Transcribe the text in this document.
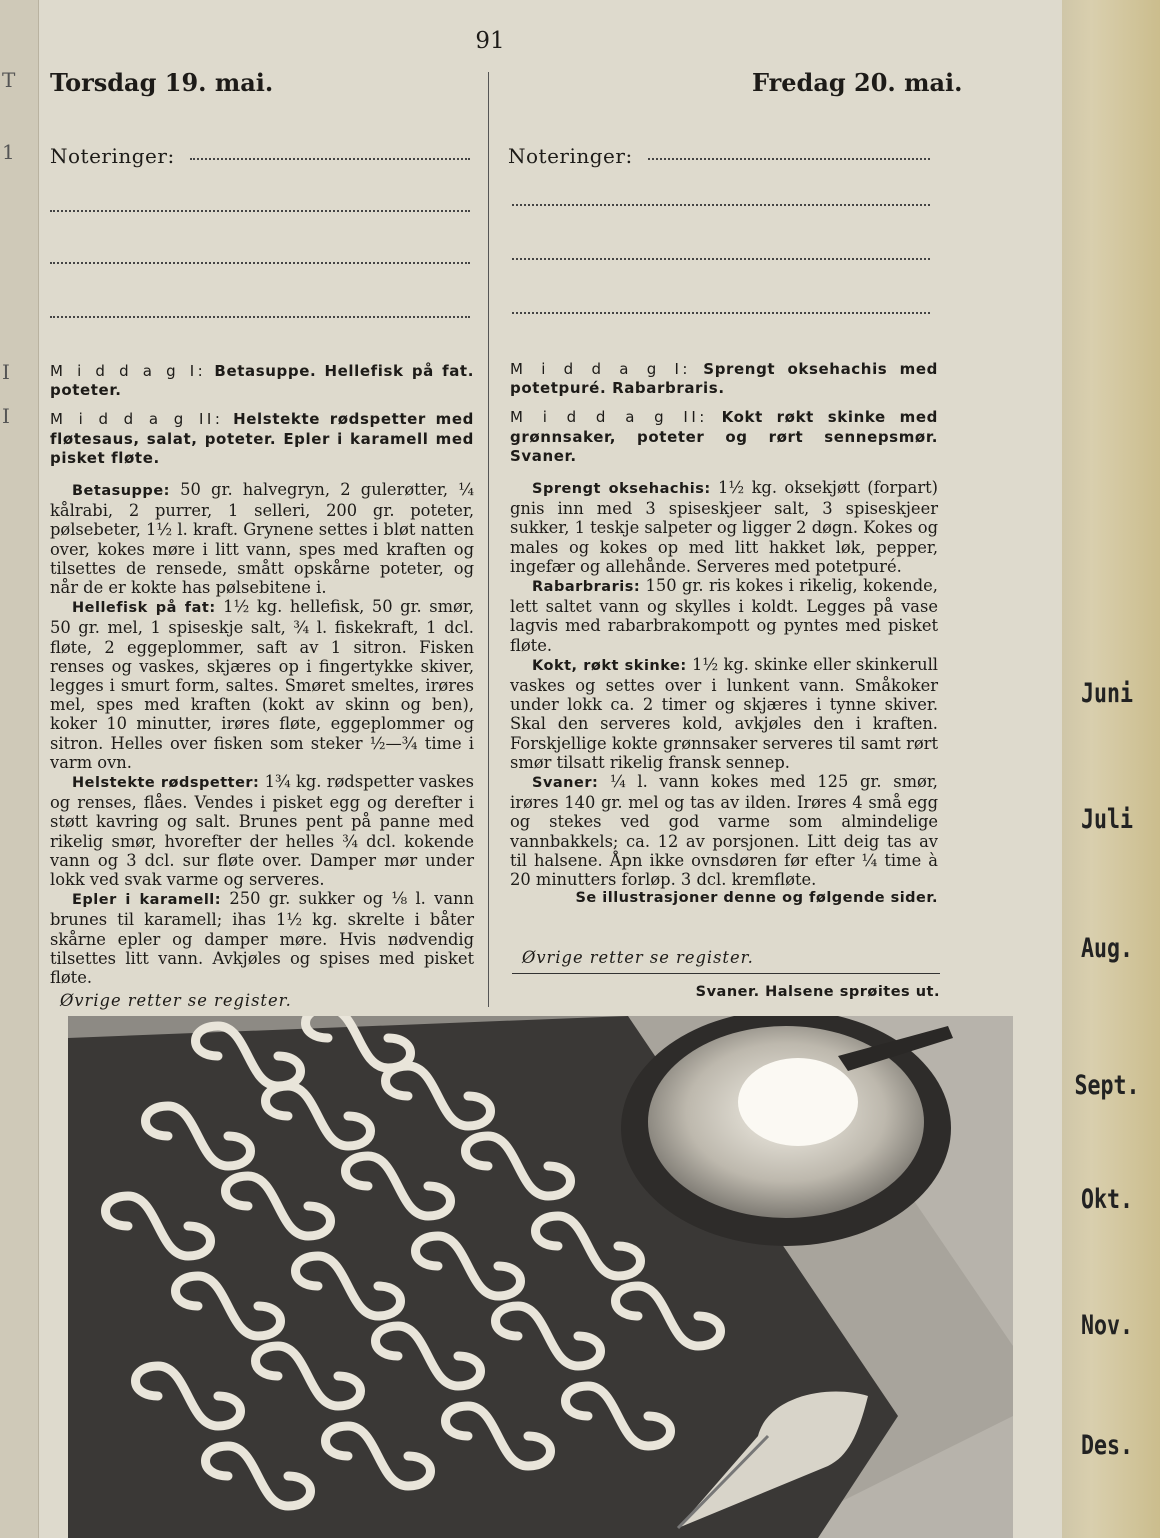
T
1
I
I
91
Torsdag 19. mai.	Fredag 20. mai.
Noteringer:	Noteringer:

M i d d a g I: Betasuppe. Hellefisk på fat. poteter.

M i d d a g II: Helstekte rødspetter med fløtesaus, salat, poteter. Epler i karamell med pisket fløte.

Betasuppe: 50 gr. halvegryn, 2 gulerøtter, ¼ kålrabi, 2 purrer, 1 selleri, 200 gr. poteter, pølsebeter, 1½ l. kraft. Grynene settes i bløt natten over, kokes møre i litt vann, spes med kraften og tilsettes de rensede, smått opskårne poteter, og når de er kokte has pølsebitene i.

Hellefisk på fat: 1½ kg. hellefisk, 50 gr. smør, 50 gr. mel, 1 spiseskje salt, ¾ l. fiskekraft, 1 dcl. fløte, 2 eggeplommer, saft av 1 sitron. Fisken renses og vaskes, skjæres op i fingertykke skiver, legges i smurt form, saltes. Smøret smeltes, irøres mel, spes med kraften (kokt av skinn og ben), koker 10 minutter, irøres fløte, eggeplommer og sitron. Helles over fisken som steker ½—¾ time i varm ovn.

Helstekte rødspetter: 1¾ kg. rødspetter vaskes og renses, flåes. Vendes i pisket egg og derefter i støtt kavring og salt. Brunes pent på panne med rikelig smør, hvorefter der helles ¾ dcl. kokende vann og 3 dcl. sur fløte over. Damper mør under lokk ved svak varme og serveres.

Epler i karamell: 250 gr. sukker og ⅛ l. vann brunes til karamell; ihas 1½ kg. skrelte i båter skårne epler og damper møre. Hvis nødvendig tilsettes litt vann. Avkjøles og spises med pisket fløte.

Øvrige retter se register.

M i d d a g I: Sprengt oksehachis med potetpuré. Rabarbraris.

M i d d a g II: Kokt røkt skinke med grønnsaker, poteter og rørt sennepsmør. Svaner.

Sprengt oksehachis: 1½ kg. oksekjøtt (forpart) gnis inn med 3 spiseskjeer salt, 3 spiseskjeer sukker, 1 teskje salpeter og ligger 2 døgn. Kokes og males og kokes op med litt hakket løk, pepper, ingefær og allehånde. Serveres med potetpuré.

Rabarbraris: 150 gr. ris kokes i rikelig, kokende, lett saltet vann og skylles i koldt. Legges på vase lagvis med rabarbrakompott og pyntes med pisket fløte.

Kokt, røkt skinke: 1½ kg. skinke eller skinkerull vaskes og settes over i lunkent vann. Småkoker under lokk ca. 2 timer og skjæres i tynne skiver. Skal den serveres kold, avkjøles den i kraften. Forskjellige kokte grønnsaker serveres til samt rørt smør tilsatt rikelig fransk sennep.

Svaner: ¼ l. vann kokes med 125 gr. smør, irøres 140 gr. mel og tas av ilden. Irøres 4 små egg og stekes ved god varme som almindelige vannbakkels; ca. 12 av porsjonen. Litt deig tas av til halsene. Åpn ikke ovnsdøren før efter ¼ time à 20 minutters forløp. 3 dcl. kremfløte.

Se illustrasjoner denne og følgende sider.

Øvrige retter se register.

Svaner. Halsene sprøites ut.
Juni
Juli
Aug.
Sept.
Okt.
Nov.
Des.
